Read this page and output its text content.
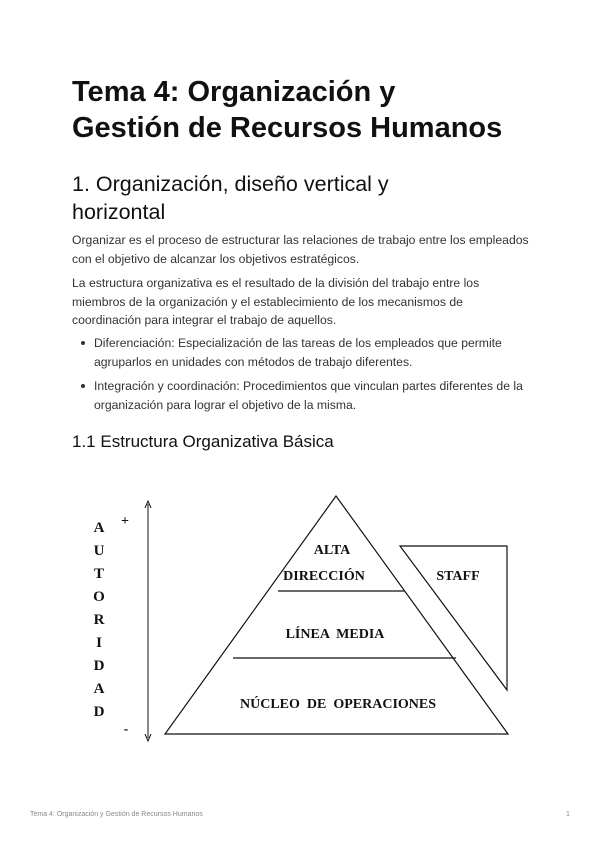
Tema 4: Organización y
Gestión de Recursos Humanos
1. Organización, diseño vertical y
horizontal

Organizar es el proceso de estructurar las relaciones de trabajo entre los empleados con el objetivo de alcanzar los objetivos estratégicos.

La estructura organizativa es el resultado de la división del trabajo entre los miembros de la organización y el establecimiento de los mecanismos de coordinación para integrar el trabajo de aquellos.

Diferenciación: Especialización de las tareas de los empleados que permite agruparlos en unidades con métodos de trabajo diferentes.
Integración y coordinación: Procedimientos que vinculan partes diferentes de la organización para lograr el objetivo de la misma.
1.1 Estructura Organizativa Básica
A
U
T
O
R
I
D
A
D
+
-
ALTA
DIRECCIÓN
LÍNEA  MEDIA
NÚCLEO  DE  OPERACIONES
STAFF
Tema 4: Organización y Gestión de Recursos Humanos	1
